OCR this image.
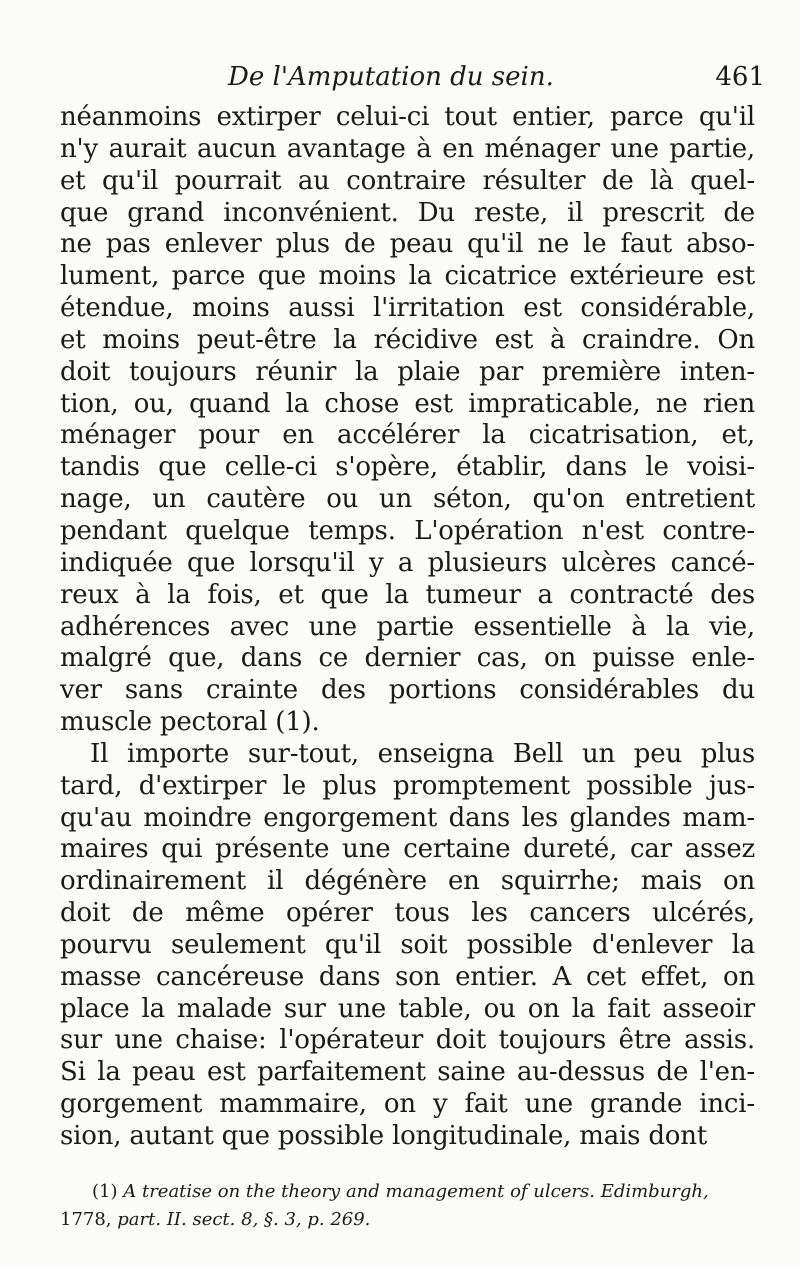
De l'Amputation du sein.	461
néanmoins extirper celui-ci tout entier, parce qu'il
n'y aurait aucun avantage à en ménager une partie,
et qu'il pourrait au contraire résulter de là quel-
que grand inconvénient. Du reste, il prescrit de
ne pas enlever plus de peau qu'il ne le faut abso-
lument, parce que moins la cicatrice extérieure est
étendue, moins aussi l'irritation est considérable,
et moins peut-être la récidive est à craindre. On
doit toujours réunir la plaie par première inten-
tion, ou, quand la chose est impraticable, ne rien
ménager pour en accélérer la cicatrisation, et,
tandis que celle-ci s'opère, établir, dans le voisi-
nage, un cautère ou un séton, qu'on entretient
pendant quelque temps. L'opération n'est contre-
indiquée que lorsqu'il y a plusieurs ulcères cancé-
reux à la fois, et que la tumeur a contracté des
adhérences avec une partie essentielle à la vie,
malgré que, dans ce dernier cas, on puisse enle-
ver sans crainte des portions considérables du
muscle pectoral (1).
Il importe sur-tout, enseigna Bell un peu plus
tard, d'extirper le plus promptement possible jus-
qu'au moindre engorgement dans les glandes mam-
maires qui présente une certaine dureté, car assez
ordinairement il dégénère en squirrhe; mais on
doit de même opérer tous les cancers ulcérés,
pourvu seulement qu'il soit possible d'enlever la
masse cancéreuse dans son entier. A cet effet, on
place la malade sur une table, ou on la fait asseoir
sur une chaise: l'opérateur doit toujours être assis.
Si la peau est parfaitement saine au-dessus de l'en-
gorgement mammaire, on y fait une grande inci-
sion, autant que possible longitudinale, mais dont
(1) A treatise on the theory and management of ulcers. Edimburgh,
1778, part. II. sect. 8, §. 3, p. 269.
